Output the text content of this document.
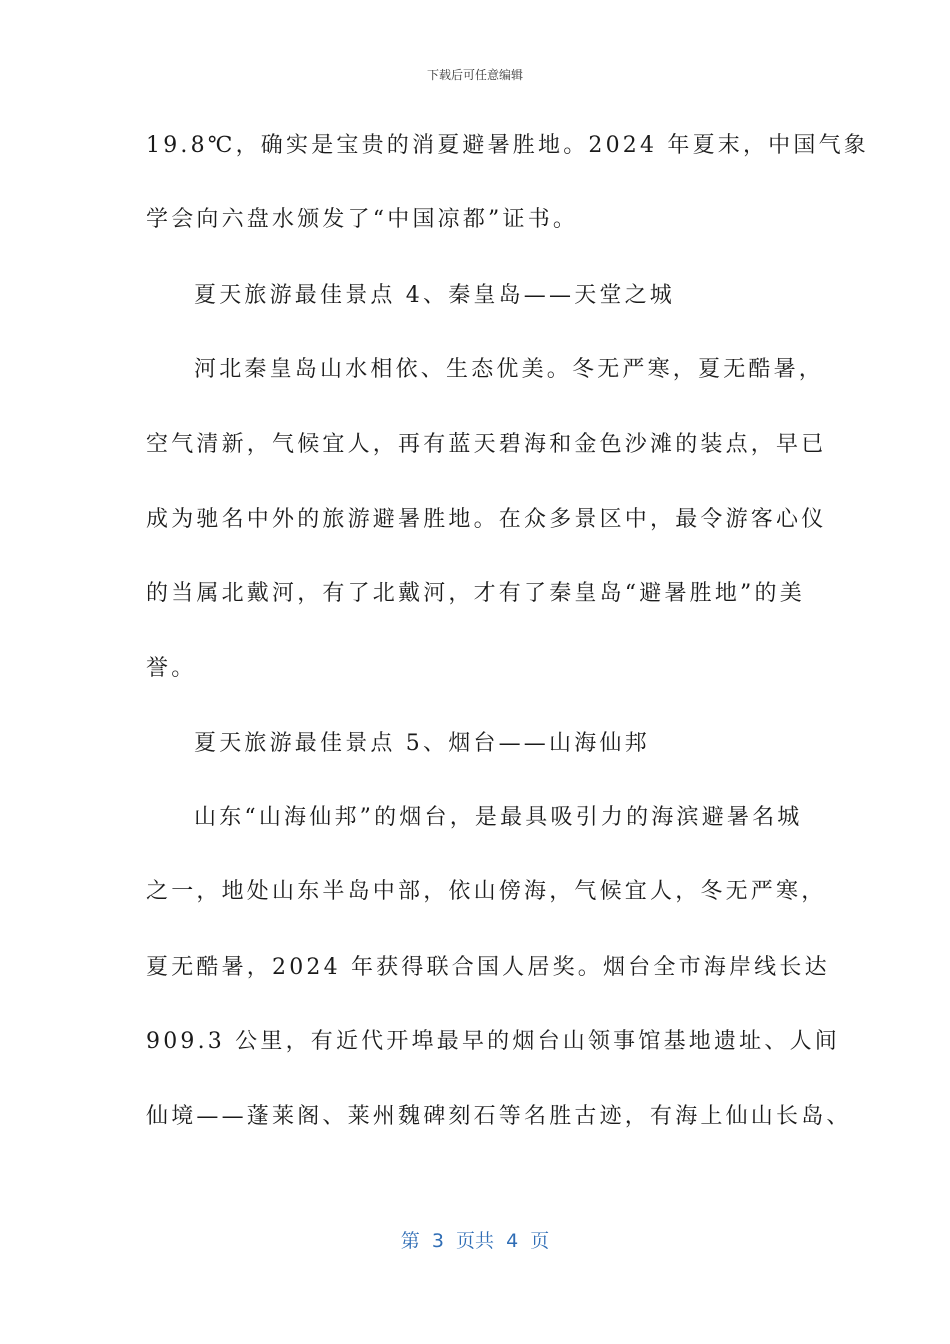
下载后可任意编辑
19.8℃，确实是宝贵的消夏避暑胜地。2024 年夏末，中国气象
学会向六盘水颁发了“中国凉都”证书。
夏天旅游最佳景点 4、秦皇岛——天堂之城
河北秦皇岛山水相依、生态优美。冬无严寒，夏无酷暑，
空气清新，气候宜人，再有蓝天碧海和金色沙滩的装点，早已
成为驰名中外的旅游避暑胜地。在众多景区中，最令游客心仪
的当属北戴河，有了北戴河，才有了秦皇岛“避暑胜地”的美
誉。
夏天旅游最佳景点 5、烟台——山海仙邦
山东“山海仙邦”的烟台，是最具吸引力的海滨避暑名城
之一，地处山东半岛中部，依山傍海，气候宜人，冬无严寒，
夏无酷暑，2024 年获得联合国人居奖。烟台全市海岸线长达
909.3 公里，有近代开埠最早的烟台山领事馆基地遗址、人间
仙境——蓬莱阁、莱州魏碑刻石等名胜古迹，有海上仙山长岛、
第  3  页共  4  页
